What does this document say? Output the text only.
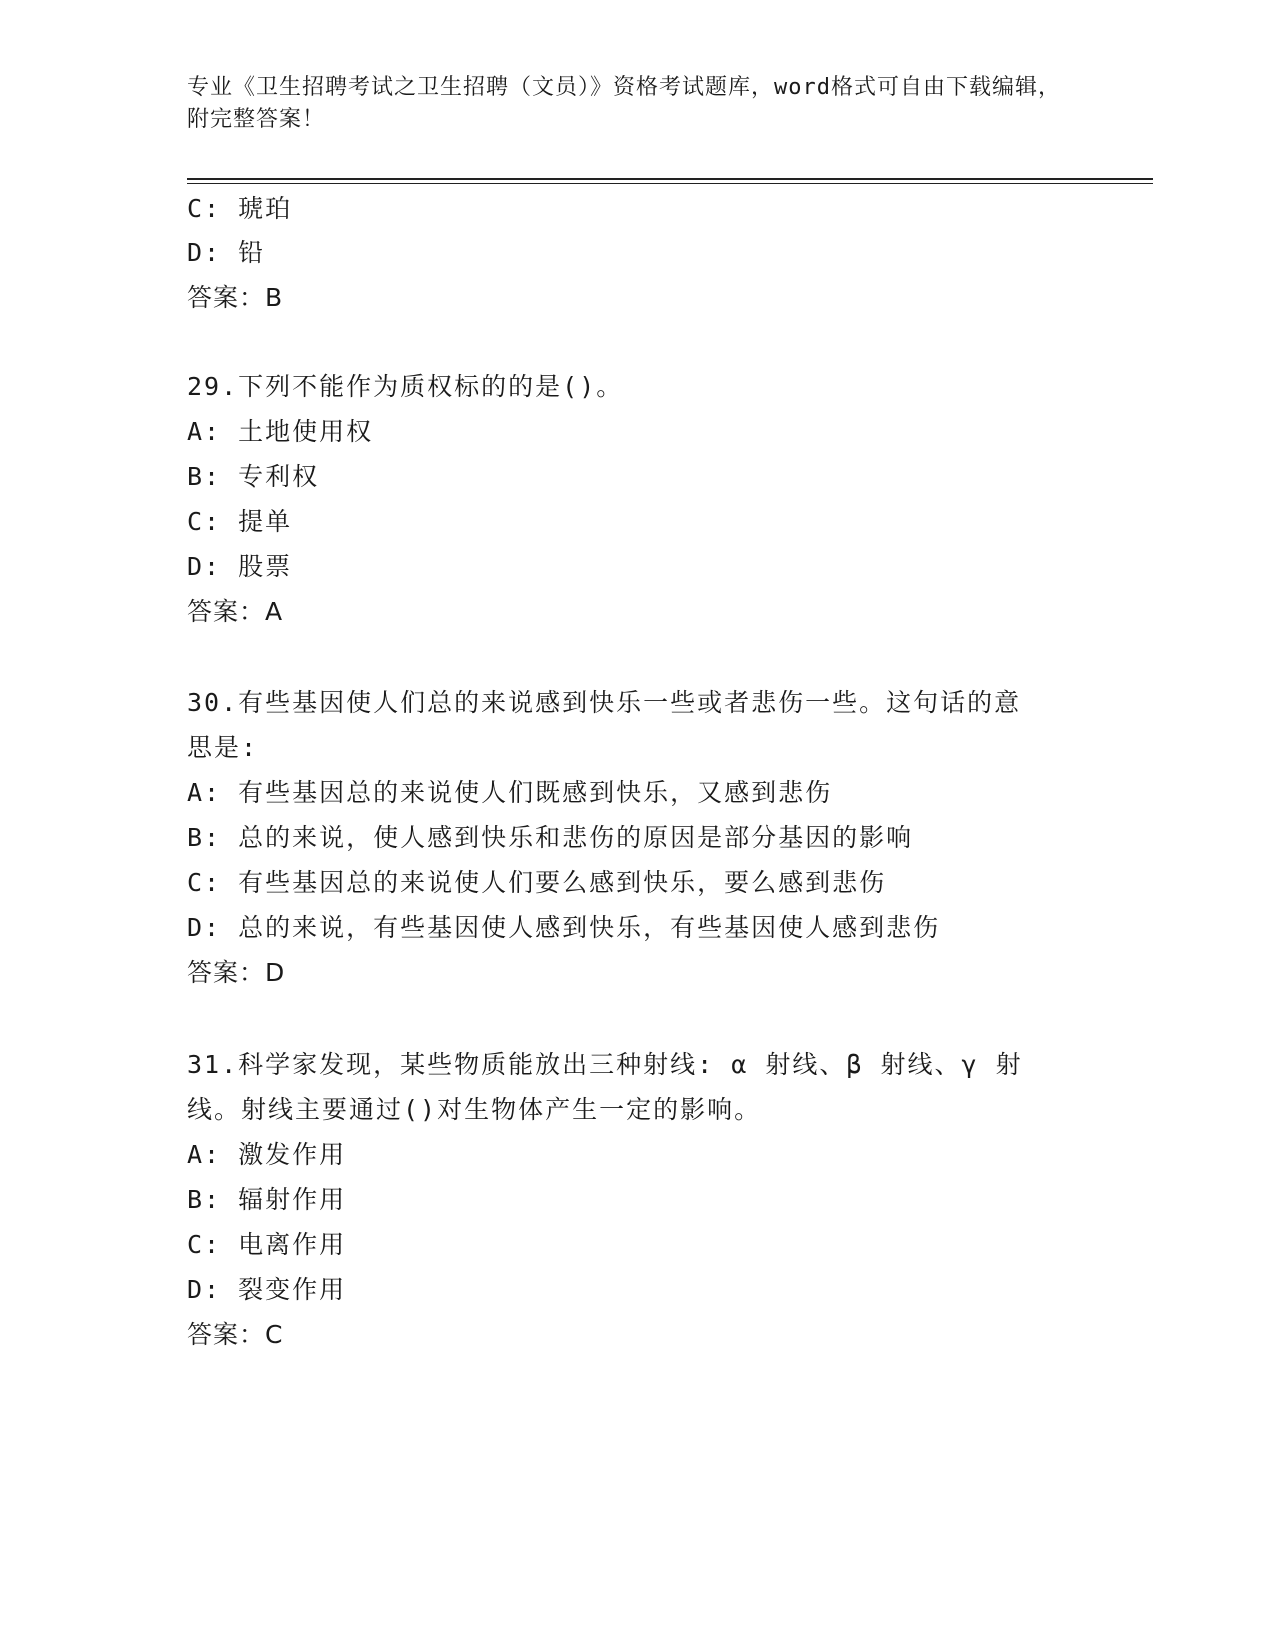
专业《卫生招聘考试之卫生招聘（文员）》资格考试题库，word格式可自由下载编辑，附完整答案！
C: 琥珀
D: 铅
答案：B
29.下列不能作为质权标的的是()。
A: 土地使用权
B: 专利权
C: 提单
D: 股票
答案：A
30.有些基因使人们总的来说感到快乐一些或者悲伤一些。这句话的意
思是:
A: 有些基因总的来说使人们既感到快乐，又感到悲伤
B: 总的来说，使人感到快乐和悲伤的原因是部分基因的影响
C: 有些基因总的来说使人们要么感到快乐，要么感到悲伤
D: 总的来说，有些基因使人感到快乐，有些基因使人感到悲伤
答案：D
31.科学家发现，某些物质能放出三种射线: α 射线、β 射线、γ 射
线。射线主要通过()对生物体产生一定的影响。
A: 激发作用
B: 辐射作用
C: 电离作用
D: 裂变作用
答案：C
